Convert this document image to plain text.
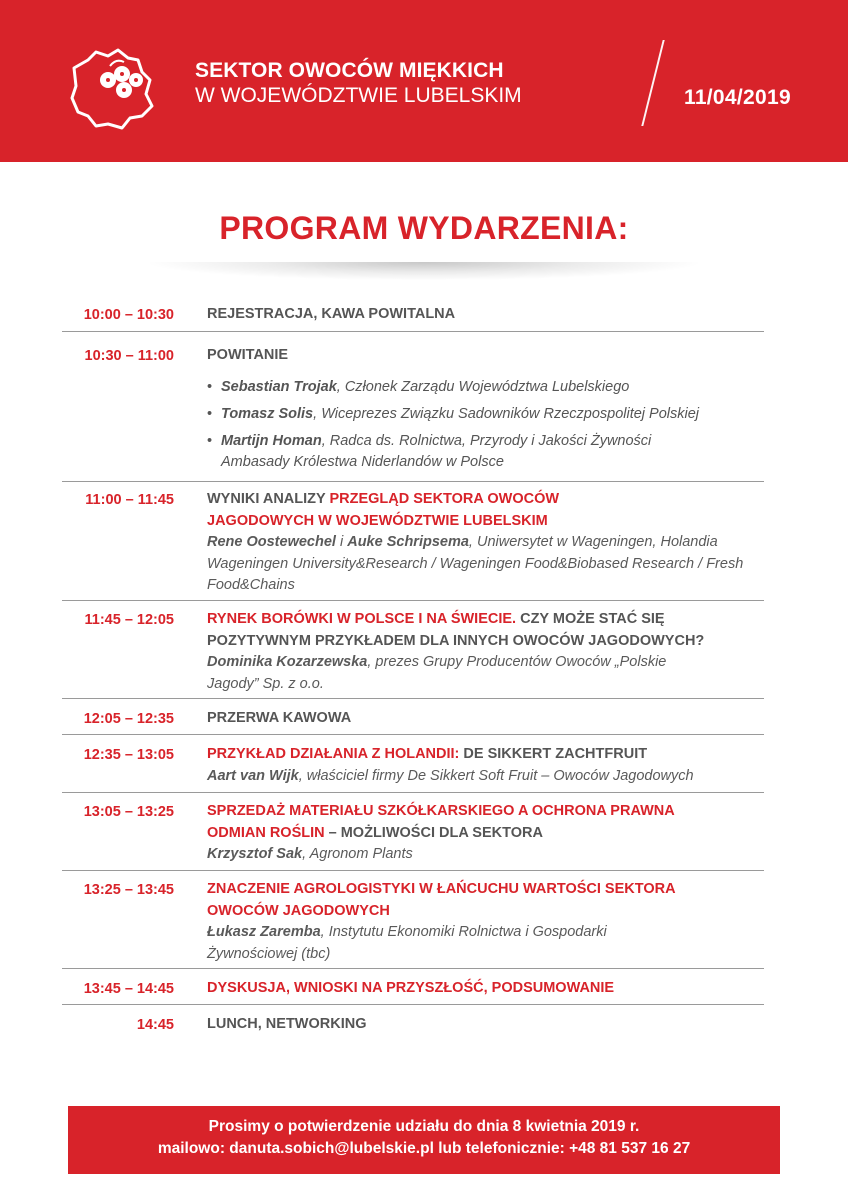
SEKTOR OWOCÓW MIĘKKICH
W WOJEWÓDZTWIE LUBELSKIM	11/04/2019
PROGRAM WYDARZENIA:
10:00 – 10:30	REJESTRACJA, KAWA POWITALNA
10:30 – 11:00	POWITANIE
• Sebastian Trojak, Członek Zarządu Województwa Lubelskiego
• Tomasz Solis, Wiceprezes Związku Sadowników Rzeczpospolitej Polskiej
• Martijn Homan, Radca ds. Rolnictwa, Przyrody i Jakości Żywności Ambasady Królestwa Niderlandów w Polsce
11:00 – 11:45	WYNIKI ANALIZY PRZEGLĄD SEKTORA OWOCÓW JAGODOWYCH W WOJEWÓDZTWIE LUBELSKIM
Rene Oostewechel i Auke Schripsema, Uniwersytet w Wageningen, Holandia Wageningen University&Research / Wageningen Food&Biobased Research / Fresh Food&Chains
11:45 – 12:05	RYNEK BORÓWKI W POLSCE I NA ŚWIECIE. CZY MOŻE STAĆ SIĘ POZYTYWNYM PRZYKŁADEM DLA INNYCH OWOCÓW JAGODOWYCH?
Dominika Kozarzewska, prezes Grupy Producentów Owoców „Polskie Jagody” Sp. z o.o.
12:05 – 12:35	PRZERWA KAWOWA
12:35 – 13:05	PRZYKŁAD DZIAŁANIA Z HOLANDII: DE SIKKERT ZACHTFRUIT
Aart van Wijk, właściciel firmy De Sikkert Soft Fruit – Owoców Jagodowych
13:05 – 13:25	SPRZEDAŻ MATERIAŁU SZKÓŁKARSKIEGO A OCHRONA PRAWNA ODMIAN ROŚLIN – MOŻLIWOŚCI DLA SEKTORA
Krzysztof Sak, Agronom Plants
13:25 – 13:45	ZNACZENIE AGROLOGISTYKI W ŁAŃCUCHU WARTOŚCI SEKTORA OWOCÓW JAGODOWYCH
Łukasz Zaremba, Instytutu Ekonomiki Rolnictwa i Gospodarki Żywnościowej (tbc)
13:45 – 14:45	DYSKUSJA, WNIOSKI NA PRZYSZŁOŚĆ, PODSUMOWANIE
14:45	LUNCH, NETWORKING
Prosimy o potwierdzenie udziału do dnia 8 kwietnia 2019 r.
mailowo: danuta.sobich@lubelskie.pl lub telefonicznie: +48 81 537 16 27
